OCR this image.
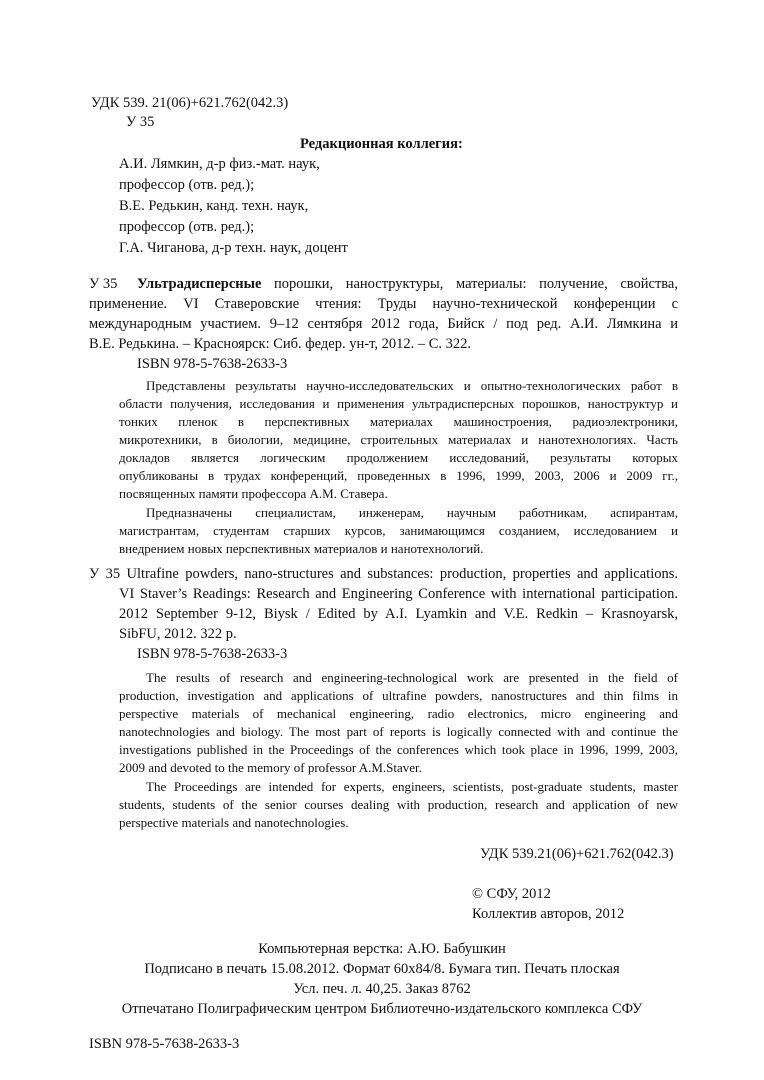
УДК 539. 21(06)+621.762(042.3)
У 35
Редакционная коллегия:
А.И. Лямкин, д-р физ.-мат. наук,
профессор (отв. ред.);
В.Е. Редькин, канд. техн. наук,
профессор (отв. ред.);
Г.А. Чиганова, д-р техн. наук, доцент
У 35 Ультрадисперсные порошки, наноструктуры, материалы: получение, свойства,
применение. VI Ставеровские чтения: Труды научно-технической конференции с
международным участием. 9–12 сентября 2012 года, Бийск / под ред. А.И. Лямкина и
В.Е. Редькина. – Красноярск: Сиб. федер. ун-т, 2012. – С. 322.
ISBN 978-5-7638-2633-3
Представлены результаты научно-исследовательских и опытно-технологических работ в
области получения, исследования и применения ультрадисперсных порошков, наноструктур и
тонких пленок в перспективных материалах машиностроения, радиоэлектроники,
микротехники, в биологии, медицине, строительных материалах и нанотехнологиях. Часть
докладов является логическим продолжением исследований, результаты которых
опубликованы в трудах конференций, проведенных в 1996, 1999, 2003, 2006 и 2009 гг.,
посвященных памяти профессора А.М. Ставера.
Предназначены специалистам, инженерам, научным работникам, аспирантам,
магистрантам, студентам старших курсов, занимающимся созданием, исследованием и
внедрением новых перспективных материалов и нанотехнологий.
У 35 Ultrafine powders, nano-structures and substances: production, properties and applications.
VI Staver’s Readings: Research and Engineering Conference with international participation.
2012 September 9-12, Biysk / Edited by A.I. Lyamkin and V.E. Redkin – Krasnoyarsk,
SibFU, 2012. 322 p.
ISBN 978-5-7638-2633-3
The results of research and engineering-technological work are presented in the field of
production, investigation and applications of ultrafine powders, nanostructures and thin films in
perspective materials of mechanical engineering, radio electronics, micro engineering and
nanotechnologies and biology. The most part of reports is logically connected with and continue the
investigations published in the Proceedings of the conferences which took place in 1996, 1999, 2003,
2009 and devoted to the memory of professor A.M.Staver.
The Proceedings are intended for experts, engineers, scientists, post-graduate students, master
students, students of the senior courses dealing with production, research and application of new
perspective materials and nanotechnologies.
УДК 539.21(06)+621.762(042.3)
© СФУ, 2012
Коллектив авторов, 2012
Компьютерная верстка: А.Ю. Бабушкин
Подписано в печать 15.08.2012. Формат 60х84/8. Бумага тип. Печать плоская
Усл. печ. л. 40,25. Заказ 8762
Отпечатано Полиграфическим центром Библиотечно-издательского комплекса СФУ
ISBN 978-5-7638-2633-3
